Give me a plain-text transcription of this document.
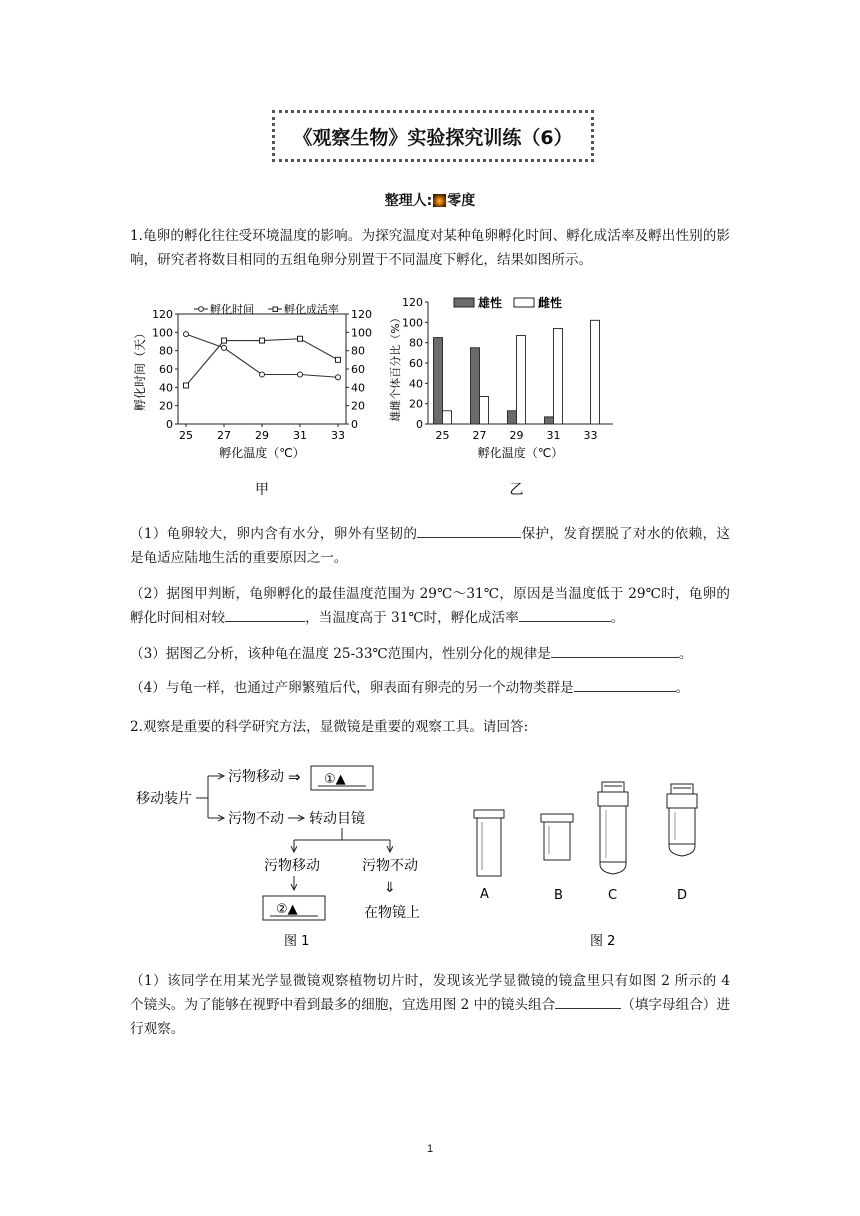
《观察生物》实验探究训练（6）
整理人: 零度
1.龟卵的孵化往往受环境温度的影响。为探究温度对某种龟卵孵化时间、孵化成活率及孵出性别的影响，研究者将数目相同的五组龟卵分别置于不同温度下孵化，结果如图所示。
0	0
20	20
40	40
60	60
80	80
100	100
120	120
25 27 29 31 33
孵化时间	孵化成活率
孵化时间（天）
孵化温度（℃）
甲
0
20
40
60
80
100
120
25 27 29 31 33
雄性	雌性
雄雌个体百分比（%）
孵化温度（℃）
乙
（1）龟卵较大，卵内含有水分，卵外有坚韧的	保护，发育摆脱了对水的依赖，这是龟适应陆地生活的重要原因之一。
（2）据图甲判断，龟卵孵化的最佳温度范围为 29℃～31℃，原因是当温度低于 29℃时，龟卵的孵化时间相对较	，当温度高于 31℃时，孵化成活率	。
（3）据图乙分析，该种龟在温度 25-33℃范围内，性别分化的规律是	。
（4）与龟一样，也通过产卵繁殖后代，卵表面有卵壳的另一个动物类群是	。
2.观察是重要的科学研究方法，显微镜是重要的观察工具。请回答:
移动装片
污物移动 ⇒ ①▲
污物不动 转动目镜
污物移动	污物不动
⇓
②▲	在物镜上
图 1
A	B	C	D
图 2
（1）该同学在用某光学显微镜观察植物切片时，发现该光学显微镜的镜盒里只有如图 2 所示的 4 个镜头。为了能够在视野中看到最多的细胞，宜选用图 2 中的镜头组合	（填字母组合）进行观察。
1
